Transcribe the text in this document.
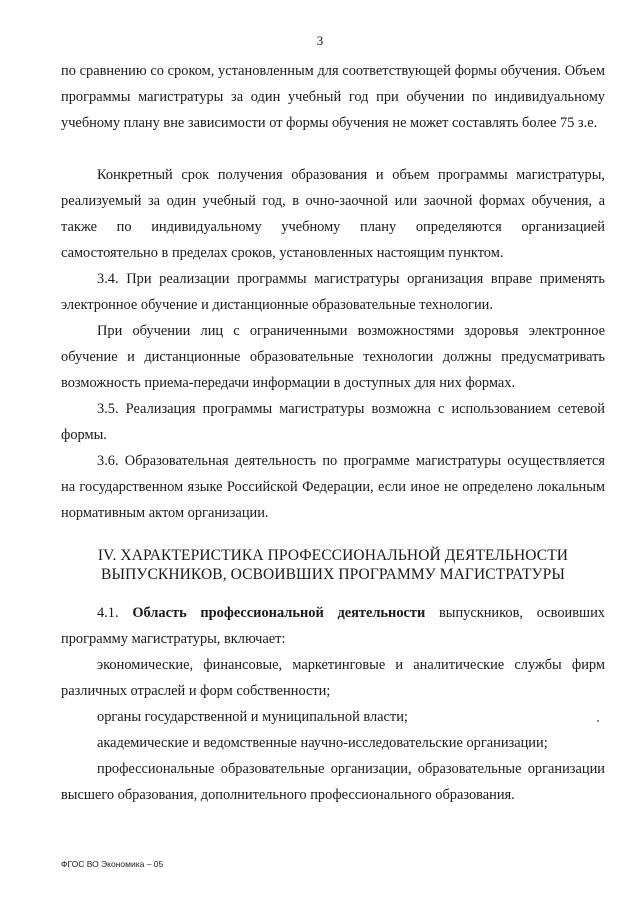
3
по сравнению со сроком, установленным для соответствующей формы обучения. Объем программы магистратуры за один учебный год при обучении по индивидуальному учебному плану вне зависимости от формы обучения не может составлять более 75 з.е.
Конкретный срок получения образования и объем программы магистратуры, реализуемый за один учебный год, в очно-заочной или заочной формах обучения, а также по индивидуальному учебному плану определяются организацией самостоятельно в пределах сроков, установленных настоящим пунктом.
3.4. При реализации программы магистратуры организация вправе применять электронное обучение и дистанционные образовательные технологии.
При обучении лиц с ограниченными возможностями здоровья электронное обучение и дистанционные образовательные технологии должны предусматривать возможность приема-передачи информации в доступных для них формах.
3.5. Реализация программы магистратуры возможна с использованием сетевой формы.
3.6. Образовательная деятельность по программе магистратуры осуществляется на государственном языке Российской Федерации, если иное не определено локальным нормативным актом организации.
IV. ХАРАКТЕРИСТИКА ПРОФЕССИОНАЛЬНОЙ ДЕЯТЕЛЬНОСТИ
ВЫПУСКНИКОВ, ОСВОИВШИХ ПРОГРАММУ МАГИСТРАТУРЫ
4.1. Область профессиональной деятельности выпускников, освоивших программу магистратуры, включает:
экономические, финансовые, маркетинговые и аналитические службы фирм различных отраслей и форм собственности;
органы государственной и муниципальной власти;
академические и ведомственные научно-исследовательские организации;
профессиональные образовательные организации, образовательные организации высшего образования, дополнительного профессионального образования.
ФГОС ВО Экономика – 05
